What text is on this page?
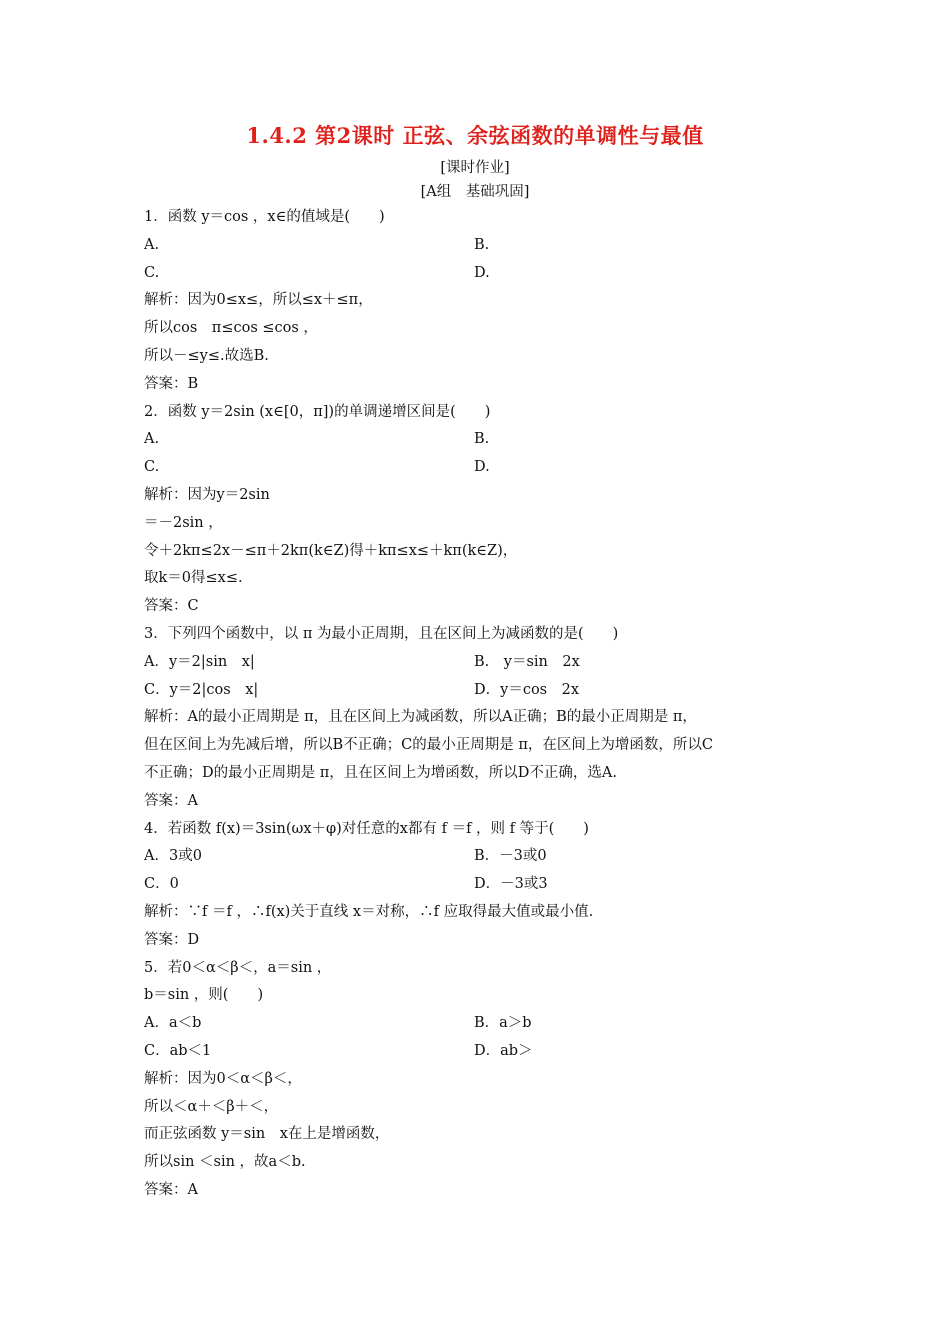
1.4.2 第2课时 正弦、余弦函数的单调性与最值
[课时作业]
[A组　基础巩固]
1．函数 y＝cos ，x∈的值域是(　　)
A.	B.
C.	D.
解析：因为0≤x≤，所以≤x＋≤π，
所以cos　π≤cos ≤cos ，
所以－≤y≤.故选B.
答案：B
2．函数 y＝2sin (x∈[0，π])的单调递增区间是(　　)
A.	B.
C.	D.
解析：因为y＝2sin
＝－2sin ，
令＋2kπ≤2x－≤π＋2kπ(k∈Z)得＋kπ≤x≤＋kπ(k∈Z)，
取k＝0得≤x≤.
答案：C
3．下列四个函数中，以 π 为最小正周期，且在区间上为减函数的是(　　)
A．y＝2|sin　x|	B.　y＝sin　2x
C．y＝2|cos　x|	D．y＝cos　2x
解析：A的最小正周期是 π，且在区间上为减函数，所以A正确；B的最小正周期是 π，
但在区间上为先减后增，所以B不正确；C的最小正周期是 π，在区间上为增函数，所以C
不正确；D的最小正周期是 π，且在区间上为增函数，所以D不正确，选A.
答案：A
4．若函数 f(x)＝3sin(ωx＋φ)对任意的x都有 f ＝f ，则 f 等于(　　)
A．3或0	B．－3或0
C．0	D．－3或3
解析：∵f ＝f ，∴f(x)关于直线 x＝对称，∴f 应取得最大值或最小值.
答案：D
5．若0＜α＜β＜，a＝sin ，
b＝sin ，则(　　)
A．a＜b	B．a＞b
C．ab＜1	D．ab＞
解析：因为0＜α＜β＜，
所以＜α＋＜β＋＜，
而正弦函数 y＝sin　x在上是增函数，
所以sin ＜sin ，故a＜b.
答案：A
